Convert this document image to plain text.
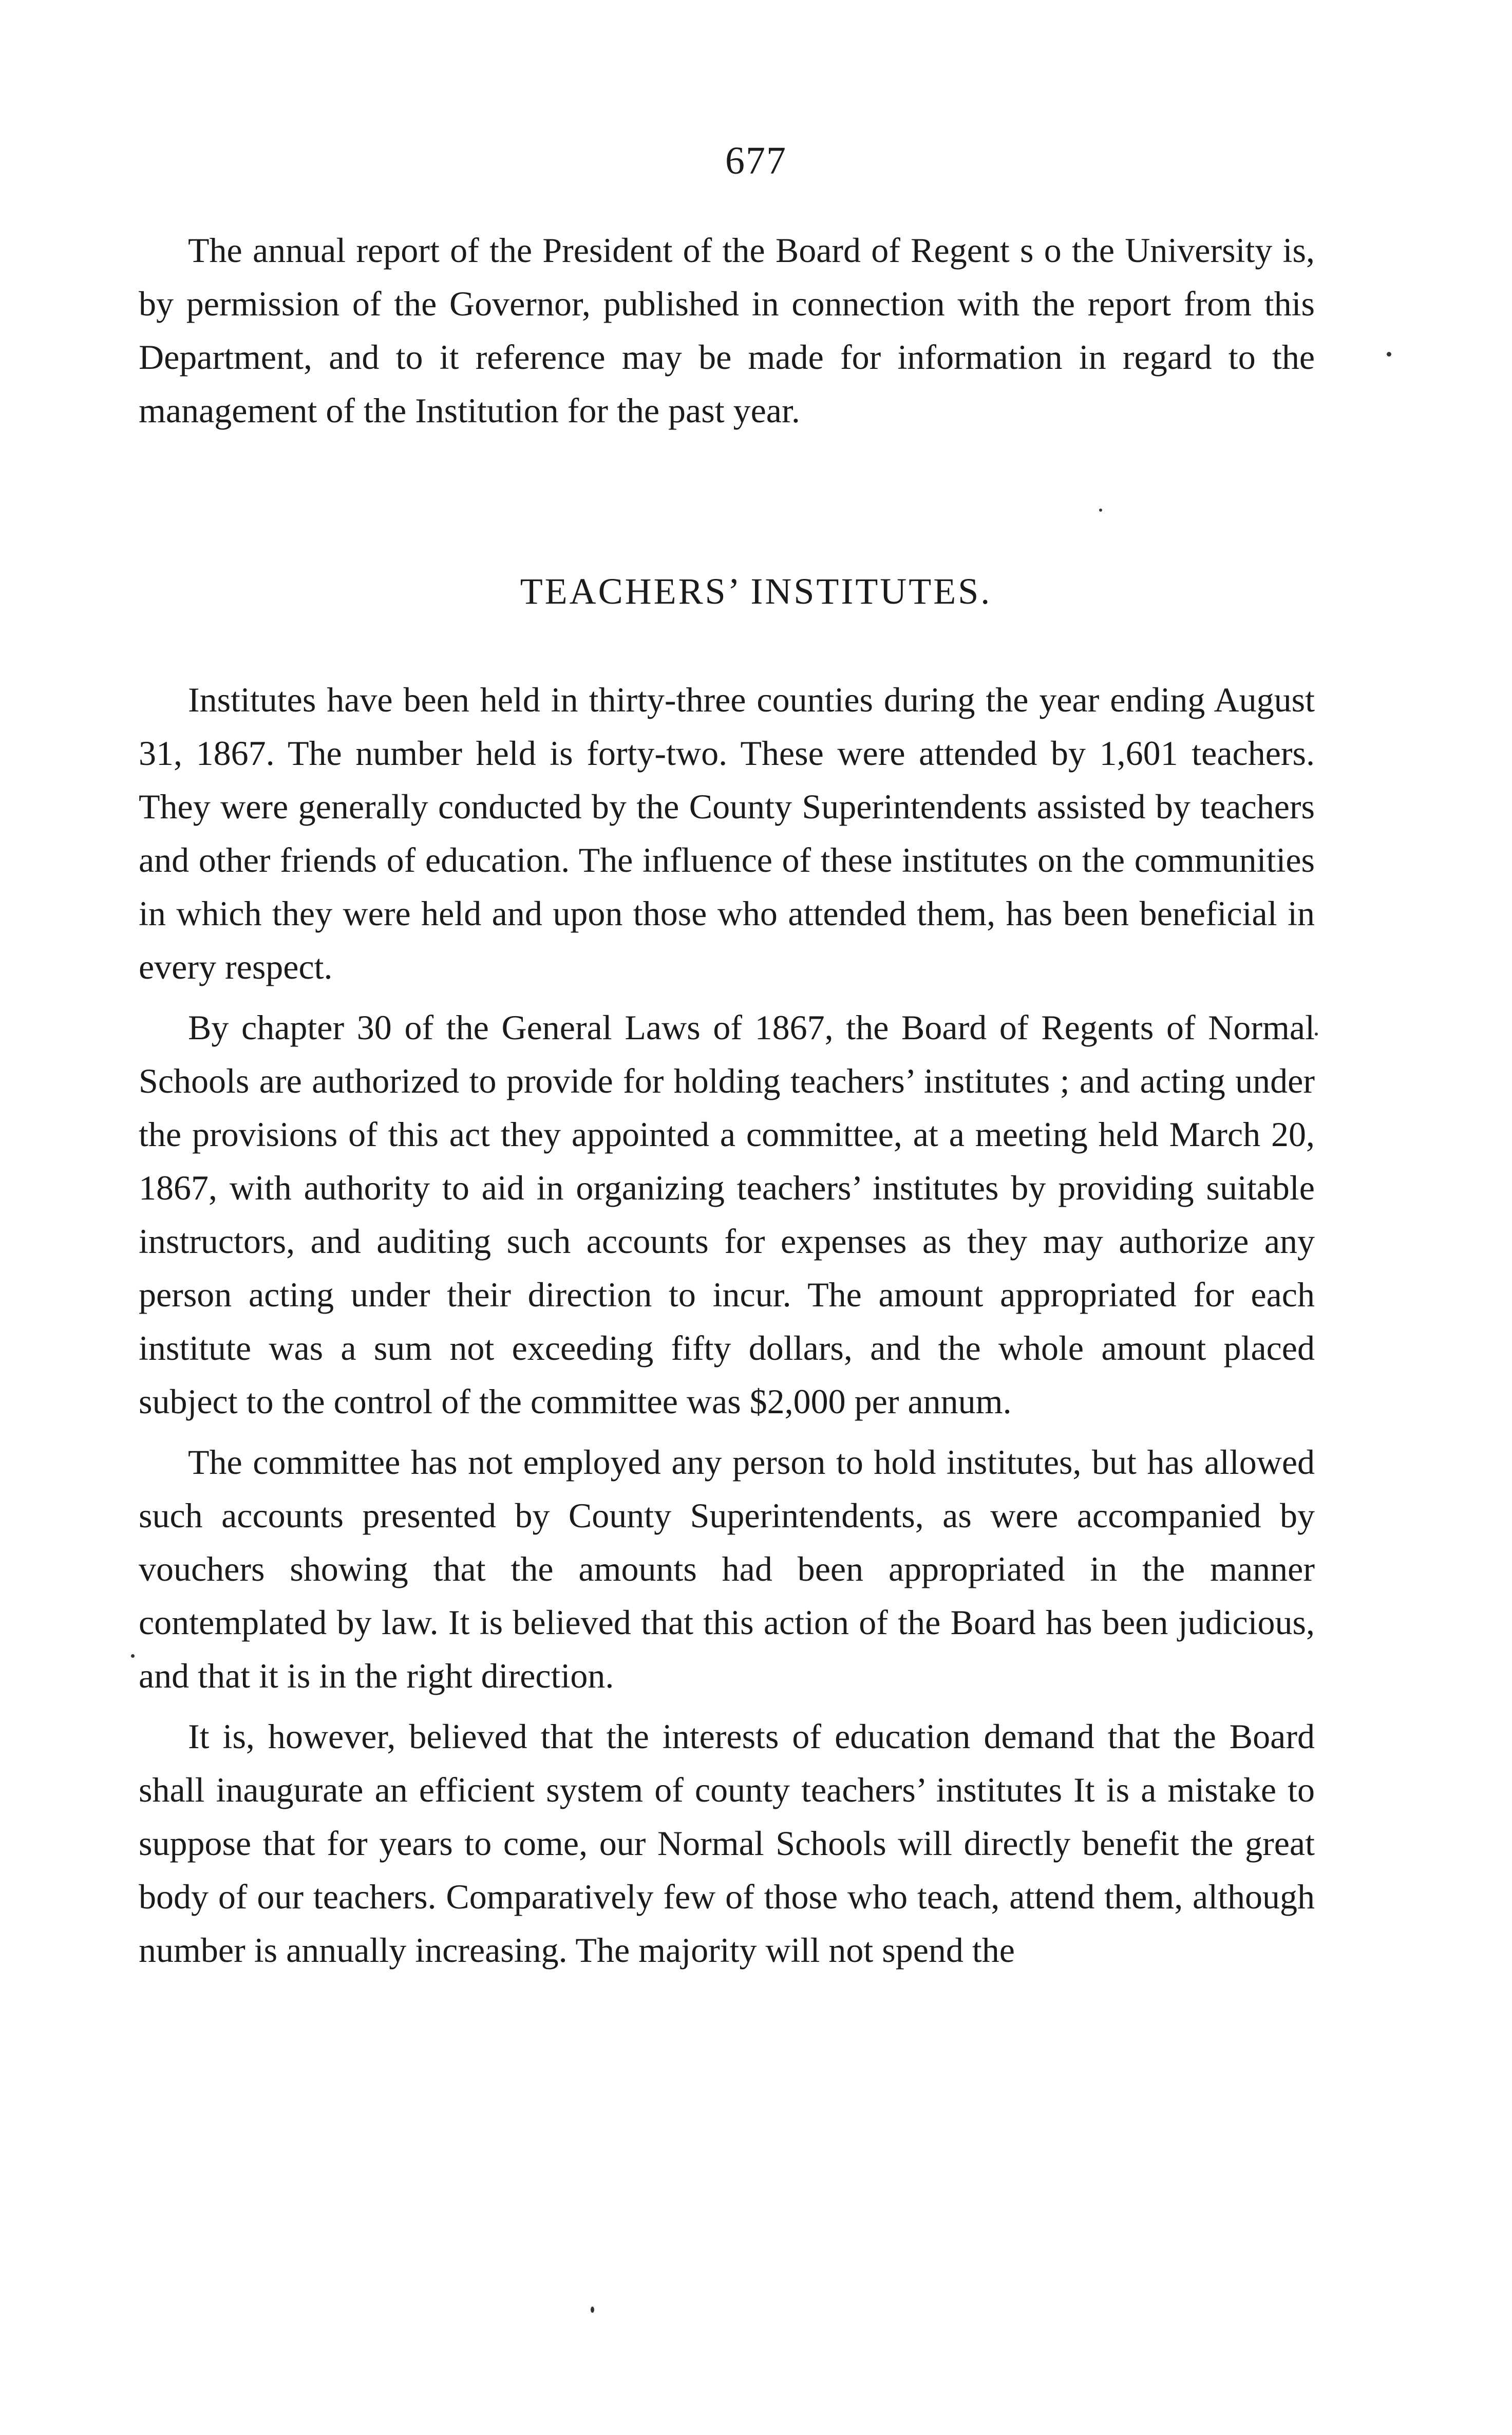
677

The annual report of the President of the Board of Regent s o the University is, by permission of the Governor, published in connection with the report from this Department, and to it reference may be made for information in regard to the management of the Institution for the past year.

TEACHERS’ INSTITUTES.

Institutes have been held in thirty-three counties during the year ending August 31, 1867. The number held is forty-two. These were attended by 1,601 teachers. They were generally conducted by the County Superintendents assisted by teachers and other friends of education. The influence of these institutes on the communities in which they were held and upon those who attended them, has been beneficial in every respect.

By chapter 30 of the General Laws of 1867, the Board of Regents of Normal Schools are authorized to provide for holding teachers’ institutes ; and acting under the provisions of this act they appointed a committee, at a meeting held March 20, 1867, with authority to aid in organizing teachers’ institutes by providing suitable instructors, and auditing such accounts for expenses as they may authorize any person acting under their direction to incur. The amount appropriated for each institute was a sum not exceeding fifty dollars, and the whole amount placed subject to the control of the committee was $2,000 per annum.

The committee has not employed any person to hold institutes, but has allowed such accounts presented by County Superintendents, as were accompanied by vouchers showing that the amounts had been appropriated in the manner contemplated by law. It is believed that this action of the Board has been judicious, and that it is in the right direction.

It is, however, believed that the interests of education demand that the Board shall inaugurate an efficient system of county teachers’ institutes It is a mistake to suppose that for years to come, our Normal Schools will directly benefit the great body of our teachers. Comparatively few of those who teach, attend them, although number is annually increasing. The majority will not spend the
